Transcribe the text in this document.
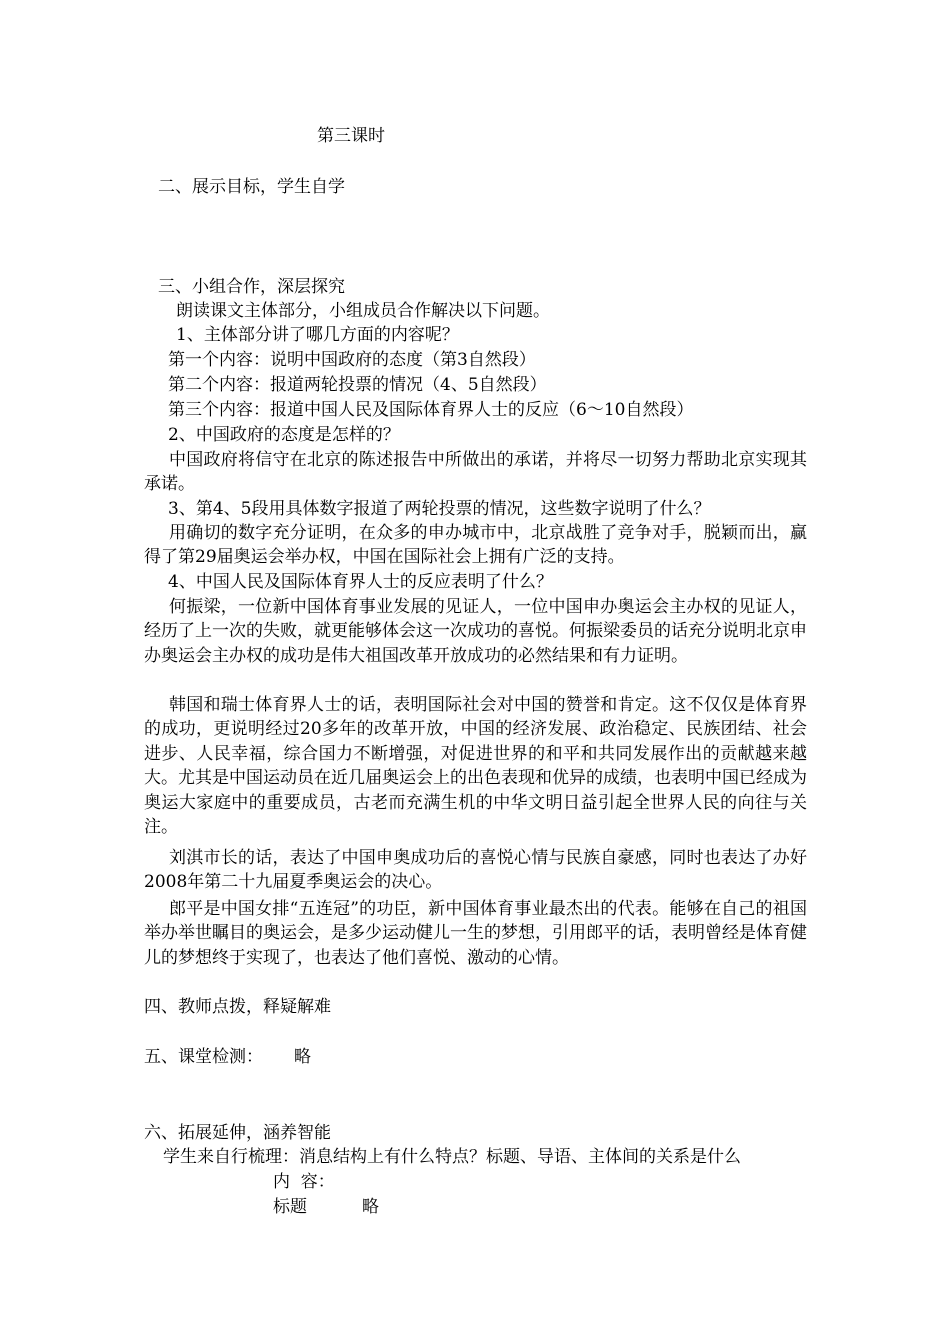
第三课时
二、展示目标，学生自学
三、小组合作，深层探究
朗读课文主体部分，小组成员合作解决以下问题。
1、主体部分讲了哪几方面的内容呢？
第一个内容：说明中国政府的态度（第3自然段）
第二个内容：报道两轮投票的情况（4、5自然段）
第三个内容：报道中国人民及国际体育界人士的反应（6～10自然段）
2、中国政府的态度是怎样的？

中国政府将信守在北京的陈述报告中所做出的承诺，并将尽一切努力帮助北京实现其承诺。

3、第4、5段用具体数字报道了两轮投票的情况，这些数字说明了什么？

用确切的数字充分证明，在众多的申办城市中，北京战胜了竞争对手，脱颖而出，赢得了第29届奥运会举办权，中国在国际社会上拥有广泛的支持。

4、中国人民及国际体育界人士的反应表明了什么？

何振梁，一位新中国体育事业发展的见证人，一位中国申办奥运会主办权的见证人，经历了上一次的失败，就更能够体会这一次成功的喜悦。何振梁委员的话充分说明北京申办奥运会主办权的成功是伟大祖国改革开放成功的必然结果和有力证明。

韩国和瑞士体育界人士的话，表明国际社会对中国的赞誉和肯定。这不仅仅是体育界的成功，更说明经过20多年的改革开放，中国的经济发展、政治稳定、民族团结、社会进步、人民幸福，综合国力不断增强，对促进世界的和平和共同发展作出的贡献越来越大。尤其是中国运动员在近几届奥运会上的出色表现和优异的成绩，也表明中国已经成为奥运大家庭中的重要成员，古老而充满生机的中华文明日益引起全世界人民的向往与关注。

刘淇市长的话，表达了中国申奥成功后的喜悦心情与民族自豪感，同时也表达了办好2008年第二十九届夏季奥运会的决心。

郎平是中国女排“五连冠”的功臣，新中国体育事业最杰出的代表。能够在自己的祖国举办举世瞩目的奥运会，是多少运动健儿一生的梦想，引用郎平的话，表明曾经是体育健儿的梦想终于实现了，也表达了他们喜悦、激动的心情。

四、教师点拨，释疑解难
五、课堂检测： 略
六、拓展延伸，涵养智能
学生来自行梳理：消息结构上有什么特点？标题、导语、主体间的关系是什么
内  容：
标题	略
